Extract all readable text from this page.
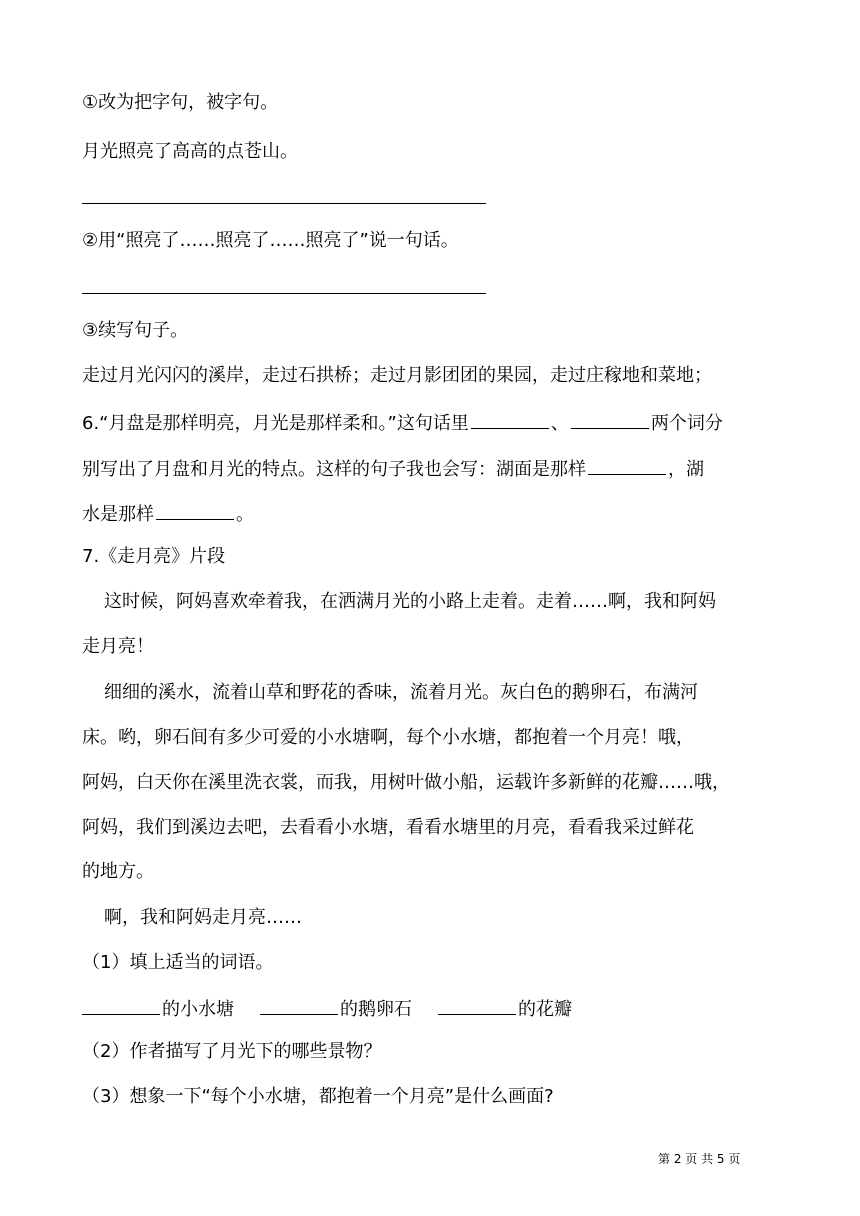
①改为把字句，被字句。
月光照亮了高高的点苍山。
②用“照亮了……照亮了……照亮了”说一句话。
③续写句子。
走过月光闪闪的溪岸，走过石拱桥；走过月影团团的果园，走过庄稼地和菜地；
6.“月盘是那样明亮，月光是那样柔和。”这句话里	、	两个词分
别写出了月盘和月光的特点。这样的句子我也会写：湖面是那样	，湖
水是那样	。
7.《走月亮》片段
这时候，阿妈喜欢牵着我，在洒满月光的小路上走着。走着……啊，我和阿妈
走月亮！
细细的溪水，流着山草和野花的香味，流着月光。灰白色的鹅卵石，布满河
床。哟，卵石间有多少可爱的小水塘啊，每个小水塘，都抱着一个月亮！哦，
阿妈，白天你在溪里洗衣裳，而我，用树叶做小船，运载许多新鲜的花瓣……哦，
阿妈，我们到溪边去吧，去看看小水塘，看看水塘里的月亮，看看我采过鲜花
的地方。
啊，我和阿妈走月亮……
（1）填上适当的词语。
的小水塘	的鹅卵石	的花瓣
（2）作者描写了月光下的哪些景物？
（3）想象一下“每个小水塘，都抱着一个月亮”是什么画面?
第 2 页 共 5 页
